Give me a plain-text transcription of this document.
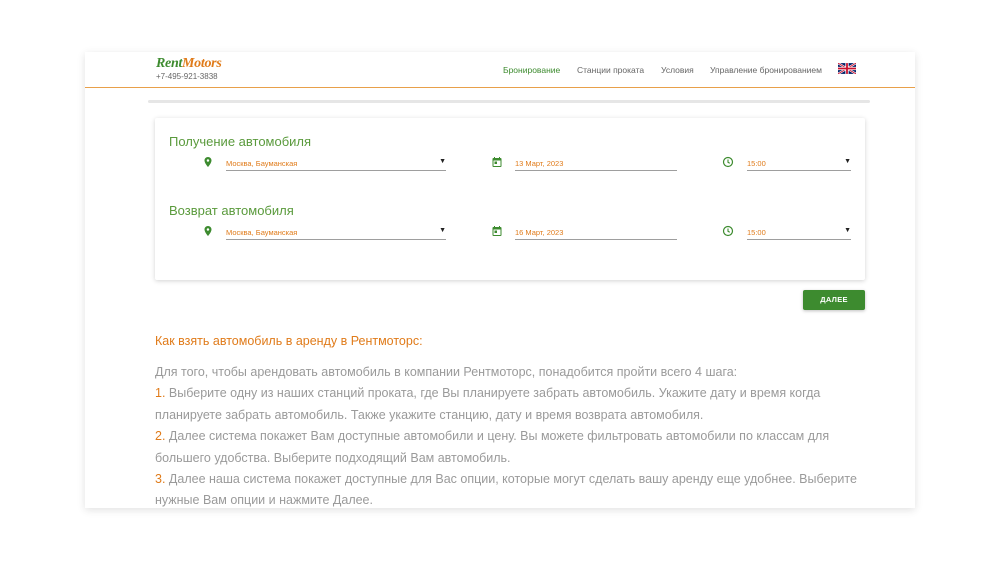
RentMotors
+7-495-921-3838
Бронирование Станции проката Условия Управление бронированием
Получение автомобиля
Москва, Бауманская	▼	13 Март, 2023	15:00	▼
Возврат автомобиля
Москва, Бауманская	▼	16 Март, 2023	15:00	▼
ДАЛЕЕ
Как взять автомобиль в аренду в Рентмоторс:
Для того, чтобы арендовать автомобиль в компании Рентмоторс, понадобится пройти всего 4 шага:
1. Выберите одну из наших станций проката, где Вы планируете забрать автомобиль. Укажите дату и время когда планируете забрать автомобиль. Также укажите станцию, дату и время возврата автомобиля.
2. Далее система покажет Вам доступные автомобили и цену. Вы можете фильтровать автомобили по классам для большего удобства. Выберите подходящий Вам автомобиль.
3. Далее наша система покажет доступные для Вас опции, которые могут сделать вашу аренду еще удобнее. Выберите нужные Вам опции и нажмите Далее.
